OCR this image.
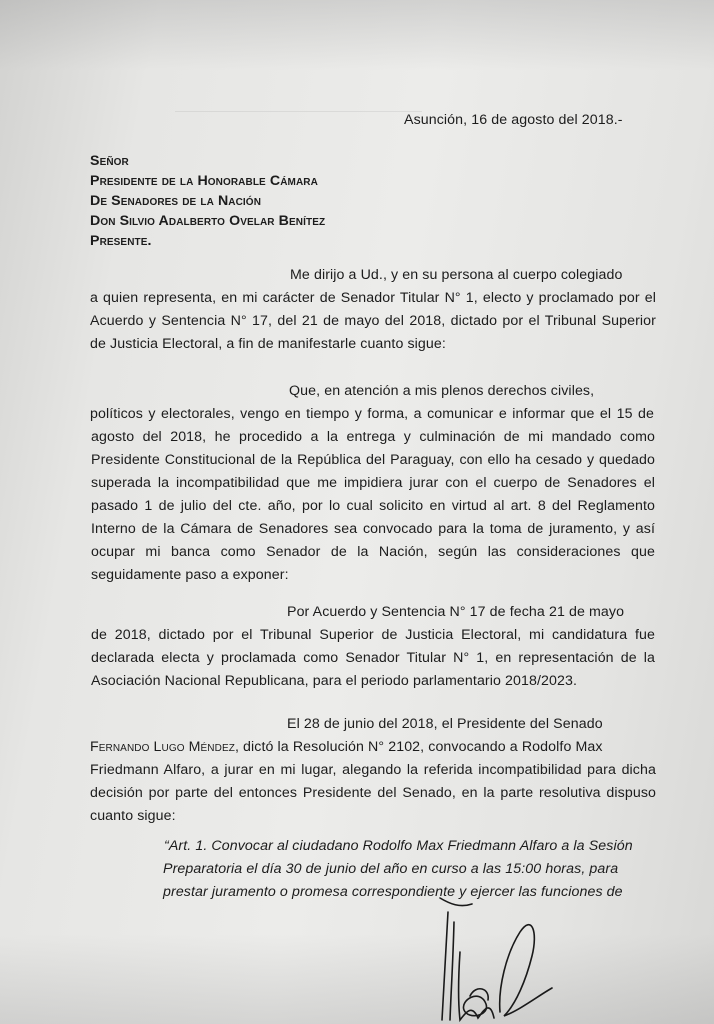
———————————————————

Asunción, 16 de agosto del 2018.-

Señor

Presidente de la Honorable Cámara

De Senadores de la Nación

Don Silvio Adalberto Ovelar Benítez

Presente.

Me dirijo a Ud., y en su persona al cuerpo colegiado

a quien representa, en mi carácter de Senador Titular N° 1, electo y proclamado por el

Acuerdo y Sentencia N° 17, del 21 de mayo del 2018, dictado por el Tribunal Superior

de Justicia Electoral, a fin de manifestarle cuanto sigue:

Que, en atención a mis plenos derechos civiles,

políticos y electorales, vengo en tiempo y forma, a comunicar e informar que el 15 de

agosto del 2018, he procedido a la entrega y culminación de mi mandado como

Presidente Constitucional de la República del Paraguay, con ello ha cesado y quedado

superada la incompatibilidad que me impidiera jurar con el cuerpo de Senadores el

pasado 1 de julio del cte. año, por lo cual solicito en virtud al art. 8 del Reglamento

Interno de la Cámara de Senadores sea convocado para la toma de juramento, y así

ocupar mi banca como Senador de la Nación, según las consideraciones que

seguidamente paso a exponer:

Por Acuerdo y Sentencia N° 17 de fecha 21 de mayo

de 2018, dictado por el Tribunal Superior de Justicia Electoral, mi candidatura fue

declarada electa y proclamada como Senador Titular N° 1, en representación de la

Asociación Nacional Republicana, para el periodo parlamentario 2018/2023.

El 28 de junio del 2018, el Presidente del Senado

Fernando Lugo Méndez, dictó la Resolución N° 2102, convocando a Rodolfo Max

Friedmann Alfaro, a jurar en mi lugar, alegando la referida incompatibilidad para dicha

decisión por parte del entonces Presidente del Senado, en la parte resolutiva dispuso

cuanto sigue:

“Art. 1. Convocar al ciudadano Rodolfo Max Friedmann Alfaro a la Sesión

Preparatoria el día 30 de junio del año en curso a las 15:00 horas, para

prestar juramento o promesa correspondiente y ejercer las funciones de
